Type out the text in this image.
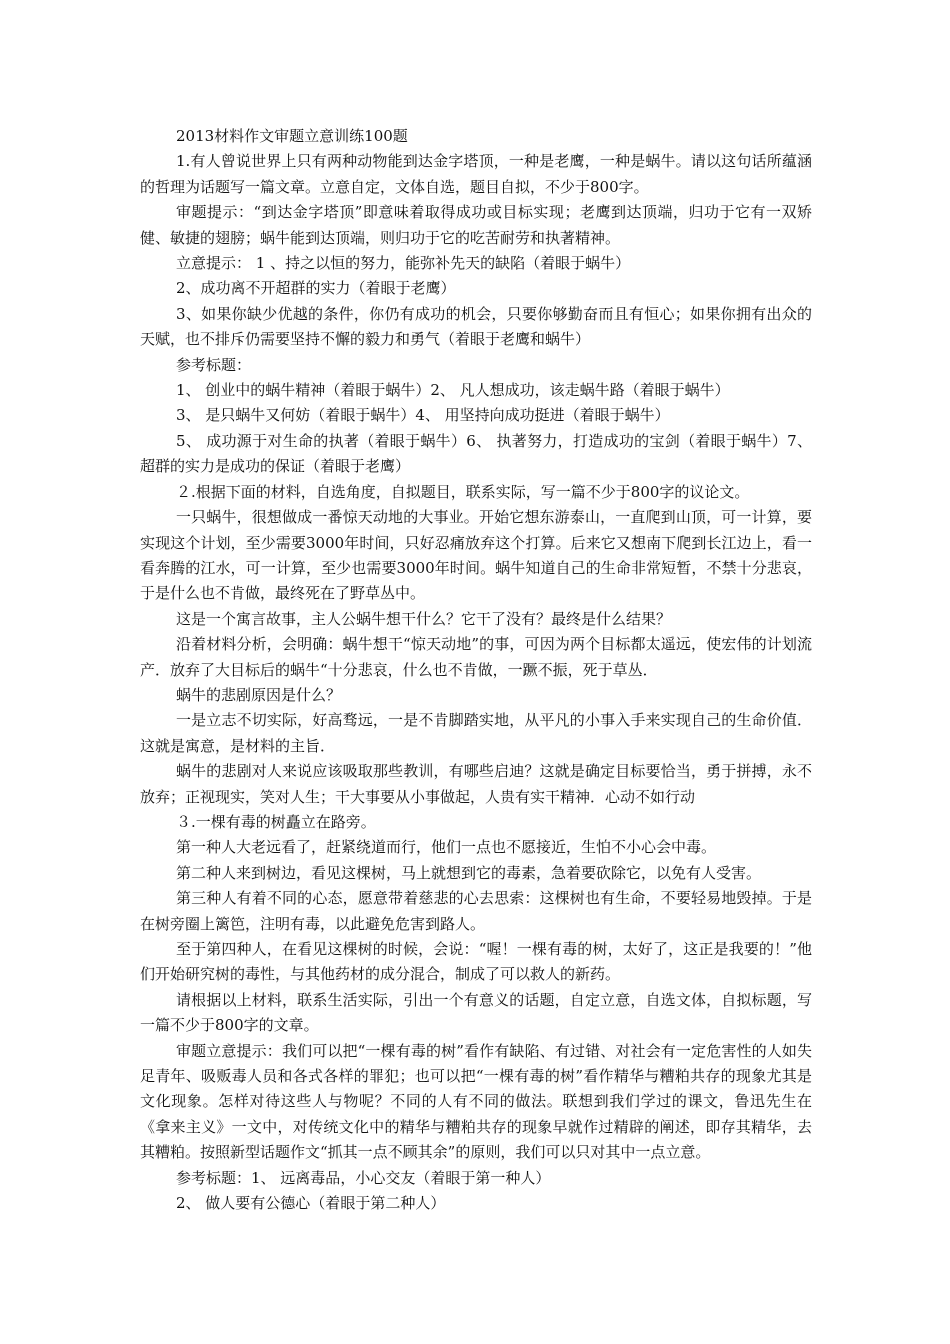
2013材料作文审题立意训练100题

1.有人曾说世界上只有两种动物能到达金字塔顶，一种是老鹰，一种是蜗牛。请以这句话所蕴涵的哲理为话题写一篇文章。立意自定，文体自选，题目自拟，不少于800字。

审题提示：“到达金字塔顶”即意味着取得成功或目标实现；老鹰到达顶端，归功于它有一双矫健、敏捷的翅膀；蜗牛能到达顶端，则归功于它的吃苦耐劳和执著精神。

立意提示： 1 、持之以恒的努力，能弥补先天的缺陷（着眼于蜗牛）

2、成功离不开超群的实力（着眼于老鹰）

3、如果你缺少优越的条件，你仍有成功的机会，只要你够勤奋而且有恒心；如果你拥有出众的天赋，也不排斥仍需要坚持不懈的毅力和勇气（着眼于老鹰和蜗牛）

参考标题：

1、 创业中的蜗牛精神（着眼于蜗牛）2、 凡人想成功，该走蜗牛路（着眼于蜗牛）

3、 是只蜗牛又何妨（着眼于蜗牛）4、 用坚持向成功挺进（着眼于蜗牛）

5、 成功源于对生命的执著（着眼于蜗牛）6、 执著努力，打造成功的宝剑（着眼于蜗牛）7、 超群的实力是成功的保证（着眼于老鹰）

２.根据下面的材料，自选角度，自拟题目，联系实际，写一篇不少于800字的议论文。

一只蜗牛，很想做成一番惊天动地的大事业。开始它想东游泰山，一直爬到山顶，可一计算，要实现这个计划，至少需要3000年时间，只好忍痛放弃这个打算。后来它又想南下爬到长江边上，看一看奔腾的江水，可一计算，至少也需要3000年时间。蜗牛知道自己的生命非常短暂，不禁十分悲哀，于是什么也不肯做，最终死在了野草丛中。

这是一个寓言故事，主人公蜗牛想干什么？它干了没有？最终是什么结果？

沿着材料分析，会明确：蜗牛想干“惊天动地”的事，可因为两个目标都太遥远，使宏伟的计划流产．放弃了大目标后的蜗牛“十分悲哀，什么也不肯做，一蹶不振，死于草丛．

蜗牛的悲剧原因是什么？

一是立志不切实际，好高骛远，一是不肯脚踏实地，从平凡的小事入手来实现自己的生命价值．这就是寓意，是材料的主旨．

蜗牛的悲剧对人来说应该吸取那些教训，有哪些启迪？这就是确定目标要恰当，勇于拼搏，永不放弃；正视现实，笑对人生；干大事要从小事做起，人贵有实干精神．心动不如行动

３.一棵有毒的树矗立在路旁。

第一种人大老远看了，赶紧绕道而行，他们一点也不愿接近，生怕不小心会中毒。

第二种人来到树边，看见这棵树，马上就想到它的毒素，急着要砍除它，以免有人受害。

第三种人有着不同的心态，愿意带着慈悲的心去思索：这棵树也有生命，不要轻易地毁掉。于是在树旁圈上篱笆，注明有毒，以此避免危害到路人。

至于第四种人，在看见这棵树的时候，会说：“喔！一棵有毒的树，太好了，这正是我要的！”他们开始研究树的毒性，与其他药材的成分混合，制成了可以救人的新药。

请根据以上材料，联系生活实际，引出一个有意义的话题，自定立意，自选文体，自拟标题，写一篇不少于800字的文章。

审题立意提示：我们可以把“一棵有毒的树”看作有缺陷、有过错、对社会有一定危害性的人如失足青年、吸贩毒人员和各式各样的罪犯；也可以把“一棵有毒的树”看作精华与糟粕共存的现象尤其是文化现象。怎样对待这些人与物呢？不同的人有不同的做法。联想到我们学过的课文，鲁迅先生在《拿来主义》一文中，对传统文化中的精华与糟粕共存的现象早就作过精辟的阐述，即存其精华，去其糟粕。按照新型话题作文“抓其一点不顾其余”的原则，我们可以只对其中一点立意。

参考标题：1、 远离毒品，小心交友（着眼于第一种人）

2、 做人要有公德心（着眼于第二种人）
